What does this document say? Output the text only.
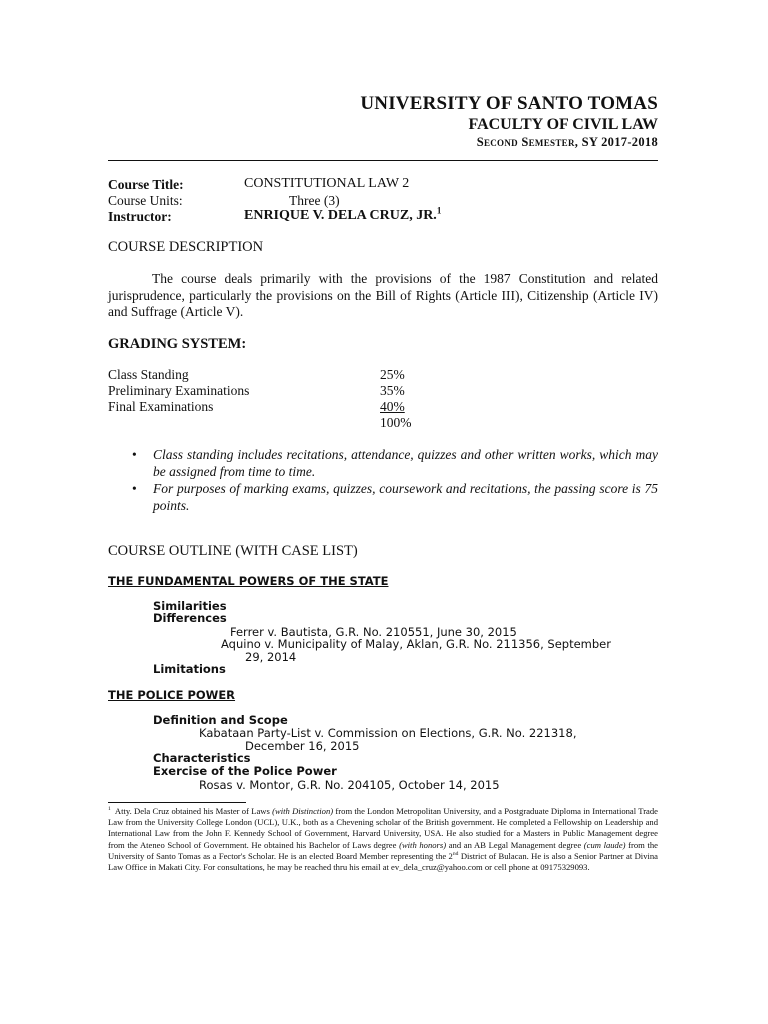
UNIVERSITY OF SANTO TOMAS
FACULTY OF CIVIL LAW
Second Semester, SY 2017-2018
Course Title:	CONSTITUTIONAL LAW 2
Course Units:	Three (3)
Instructor:	ENRIQUE V. DELA CRUZ, JR.$^1$
COURSE DESCRIPTION
The course deals primarily with the provisions of the 1987 Constitution and related jurisprudence, particularly the provisions on the Bill of Rights (Article III), Citizenship (Article IV) and Suffrage (Article V).
GRADING SYSTEM:
Class Standing	25%
Preliminary Examinations	35%
Final Examinations	40%
100%
• Class standing includes recitations, attendance, quizzes and other written works, which may be assigned from time to time.
• For purposes of marking exams, quizzes, coursework and recitations, the passing score is 75 points.
COURSE OUTLINE (WITH CASE LIST)
THE FUNDAMENTAL POWERS OF THE STATE
Similarities
Differences
Ferrer v. Bautista, G.R. No. 210551, June 30, 2015
Aquino v. Municipality of Malay, Aklan, G.R. No. 211356, September
29, 2014
Limitations
THE POLICE POWER
Definition and Scope
Kabataan Party-List v. Commission on Elections, G.R. No. 221318,
December 16, 2015
Characteristics
Exercise of the Police Power
Rosas v. Montor, G.R. No. 204105, October 14, 2015
$^1$ Atty. Dela Cruz obtained his Master of Laws (with Distinction) from the London Metropolitan University, and a Postgraduate Diploma in International Trade Law from the University College London (UCL), U.K., both as a Chevening scholar of the British government. He completed a Fellowship on Leadership and International Law from the John F. Kennedy School of Government, Harvard University, USA. He also studied for a Masters in Public Management degree from the Ateneo School of Government. He obtained his Bachelor of Laws degree (with honors) and an AB Legal Management degree (cum laude) from the University of Santo Tomas as a Fector's Scholar. He is an elected Board Member representing the 2nd District of Bulacan. He is also a Senior Partner at Divina Law Office in Makati City. For consultations, he may be reached thru his email at ev_dela_cruz@yahoo.com or cell phone at 09175329093.
